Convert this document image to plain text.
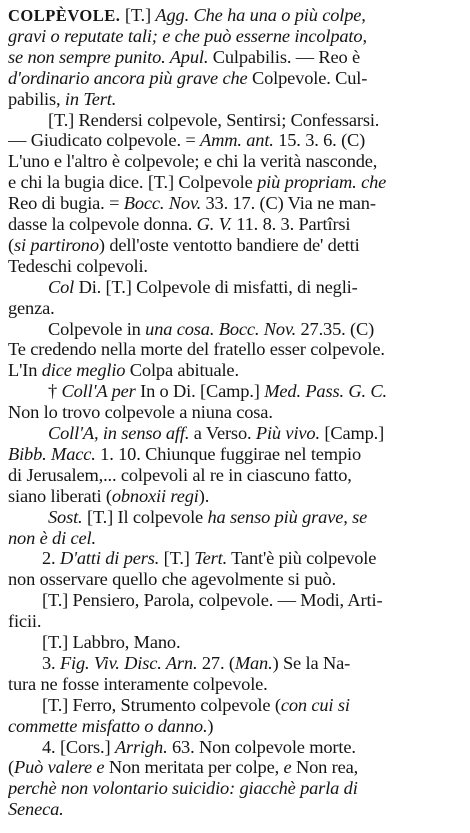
COLPÈVOLE. [T.] Agg. Che ha una o più colpe,
gravi o reputate tali; e che può esserne incolpato,
se non sempre punito. Apul. Culpabilis. — Reo è
d'ordinario ancora più grave che Colpevole. Cul-
pabilis, in Tert.
[T.] Rendersi colpevole, Sentirsi; Confessarsi.
— Giudicato colpevole. = Amm. ant. 15. 3. 6. (C)
L'uno e l'altro è colpevole; e chi la verità nasconde,
e chi la bugia dice. [T.] Colpevole più propriam. che
Reo di bugia. = Bocc. Nov. 33. 17. (C) Via ne man-
dasse la colpevole donna. G. V. 11. 8. 3. Partîrsi
(si partirono) dell'oste ventotto bandiere de' detti
Tedeschi colpevoli.
Col Di. [T.] Colpevole di misfatti, di negli-
genza.
Colpevole in una cosa. Bocc. Nov. 27.35. (C)
Te credendo nella morte del fratello esser colpevole.
L'In dice meglio Colpa abituale.
† Coll'A per In o Di. [Camp.] Med. Pass. G. C.
Non lo trovo colpevole a niuna cosa.
Coll'A, in senso aff. a Verso. Più vivo. [Camp.]
Bibb. Macc. 1. 10. Chiunque fuggirae nel tempio
di Jerusalem,... colpevoli al re in ciascuno fatto,
siano liberati (obnoxii regi).
Sost. [T.] Il colpevole ha senso più grave, se
non è di cel.
2. D'atti di pers. [T.] Tert. Tant'è più colpevole
non osservare quello che agevolmente si può.
[T.] Pensiero, Parola, colpevole. — Modi, Arti-
ficii.
[T.] Labbro, Mano.
3. Fig. Viv. Disc. Arn. 27. (Man.) Se la Na-
tura ne fosse interamente colpevole.
[T.] Ferro, Strumento colpevole (con cui si
commette misfatto o danno.)
4. [Cors.] Arrigh. 63. Non colpevole morte.
(Può valere e Non meritata per colpe, e Non rea,
perchè non volontario suicidio: giacchè parla di
Seneca.
